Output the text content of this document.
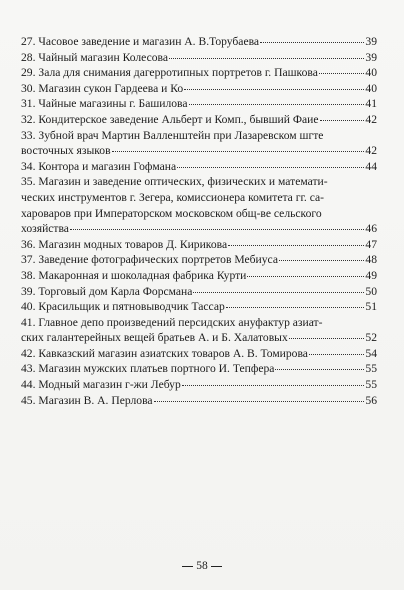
27. Часовое заведение и магазин А. В.Торубаева	39
28. Чайный магазин Колесова	39
29. Зала для снимания дагерротипных портретов г. Пашкова	40
30. Магазин сукон Гардеева и Ко	40
31. Чайные магазины г. Башилова	41
32. Кондитерское заведение Альберт и Комп., бывший Фаие	42
33. Зубной врач Мартин Валленштейн при Лазаревском шгте
восточных языков	42
34. Контора и магазин Гофмана	44
35. Магазин и заведение оптических, физических и математи-
ческих инструментов г. Зегера, комиссионера комитета гг. са-
хароваров при Императорском московском общ-ве сельского
хозяйства	46
36. Магазин модных товаров Д. Кирикова	47
37. Заведение фотографических портретов Мебиуса	48
38. Макаронная и шоколадная фабрика Курти	49
39. Торговый дом Карла Форсмана	50
40. Красильщик и пятновыводчик Тассар	51
41. Главное депо произведений персидских ануфактур азиат-
ских галантерейных вещей братьев А. и Б. Халатовых	52
42. Кавказский магазин азиатских товаров А. В. Томирова	54
43. Магазин мужских платьев портного И. Тепфера	55
44. Модный магазин г-жи Лебур	55
45. Магазин В. А. Перлова	56
58
